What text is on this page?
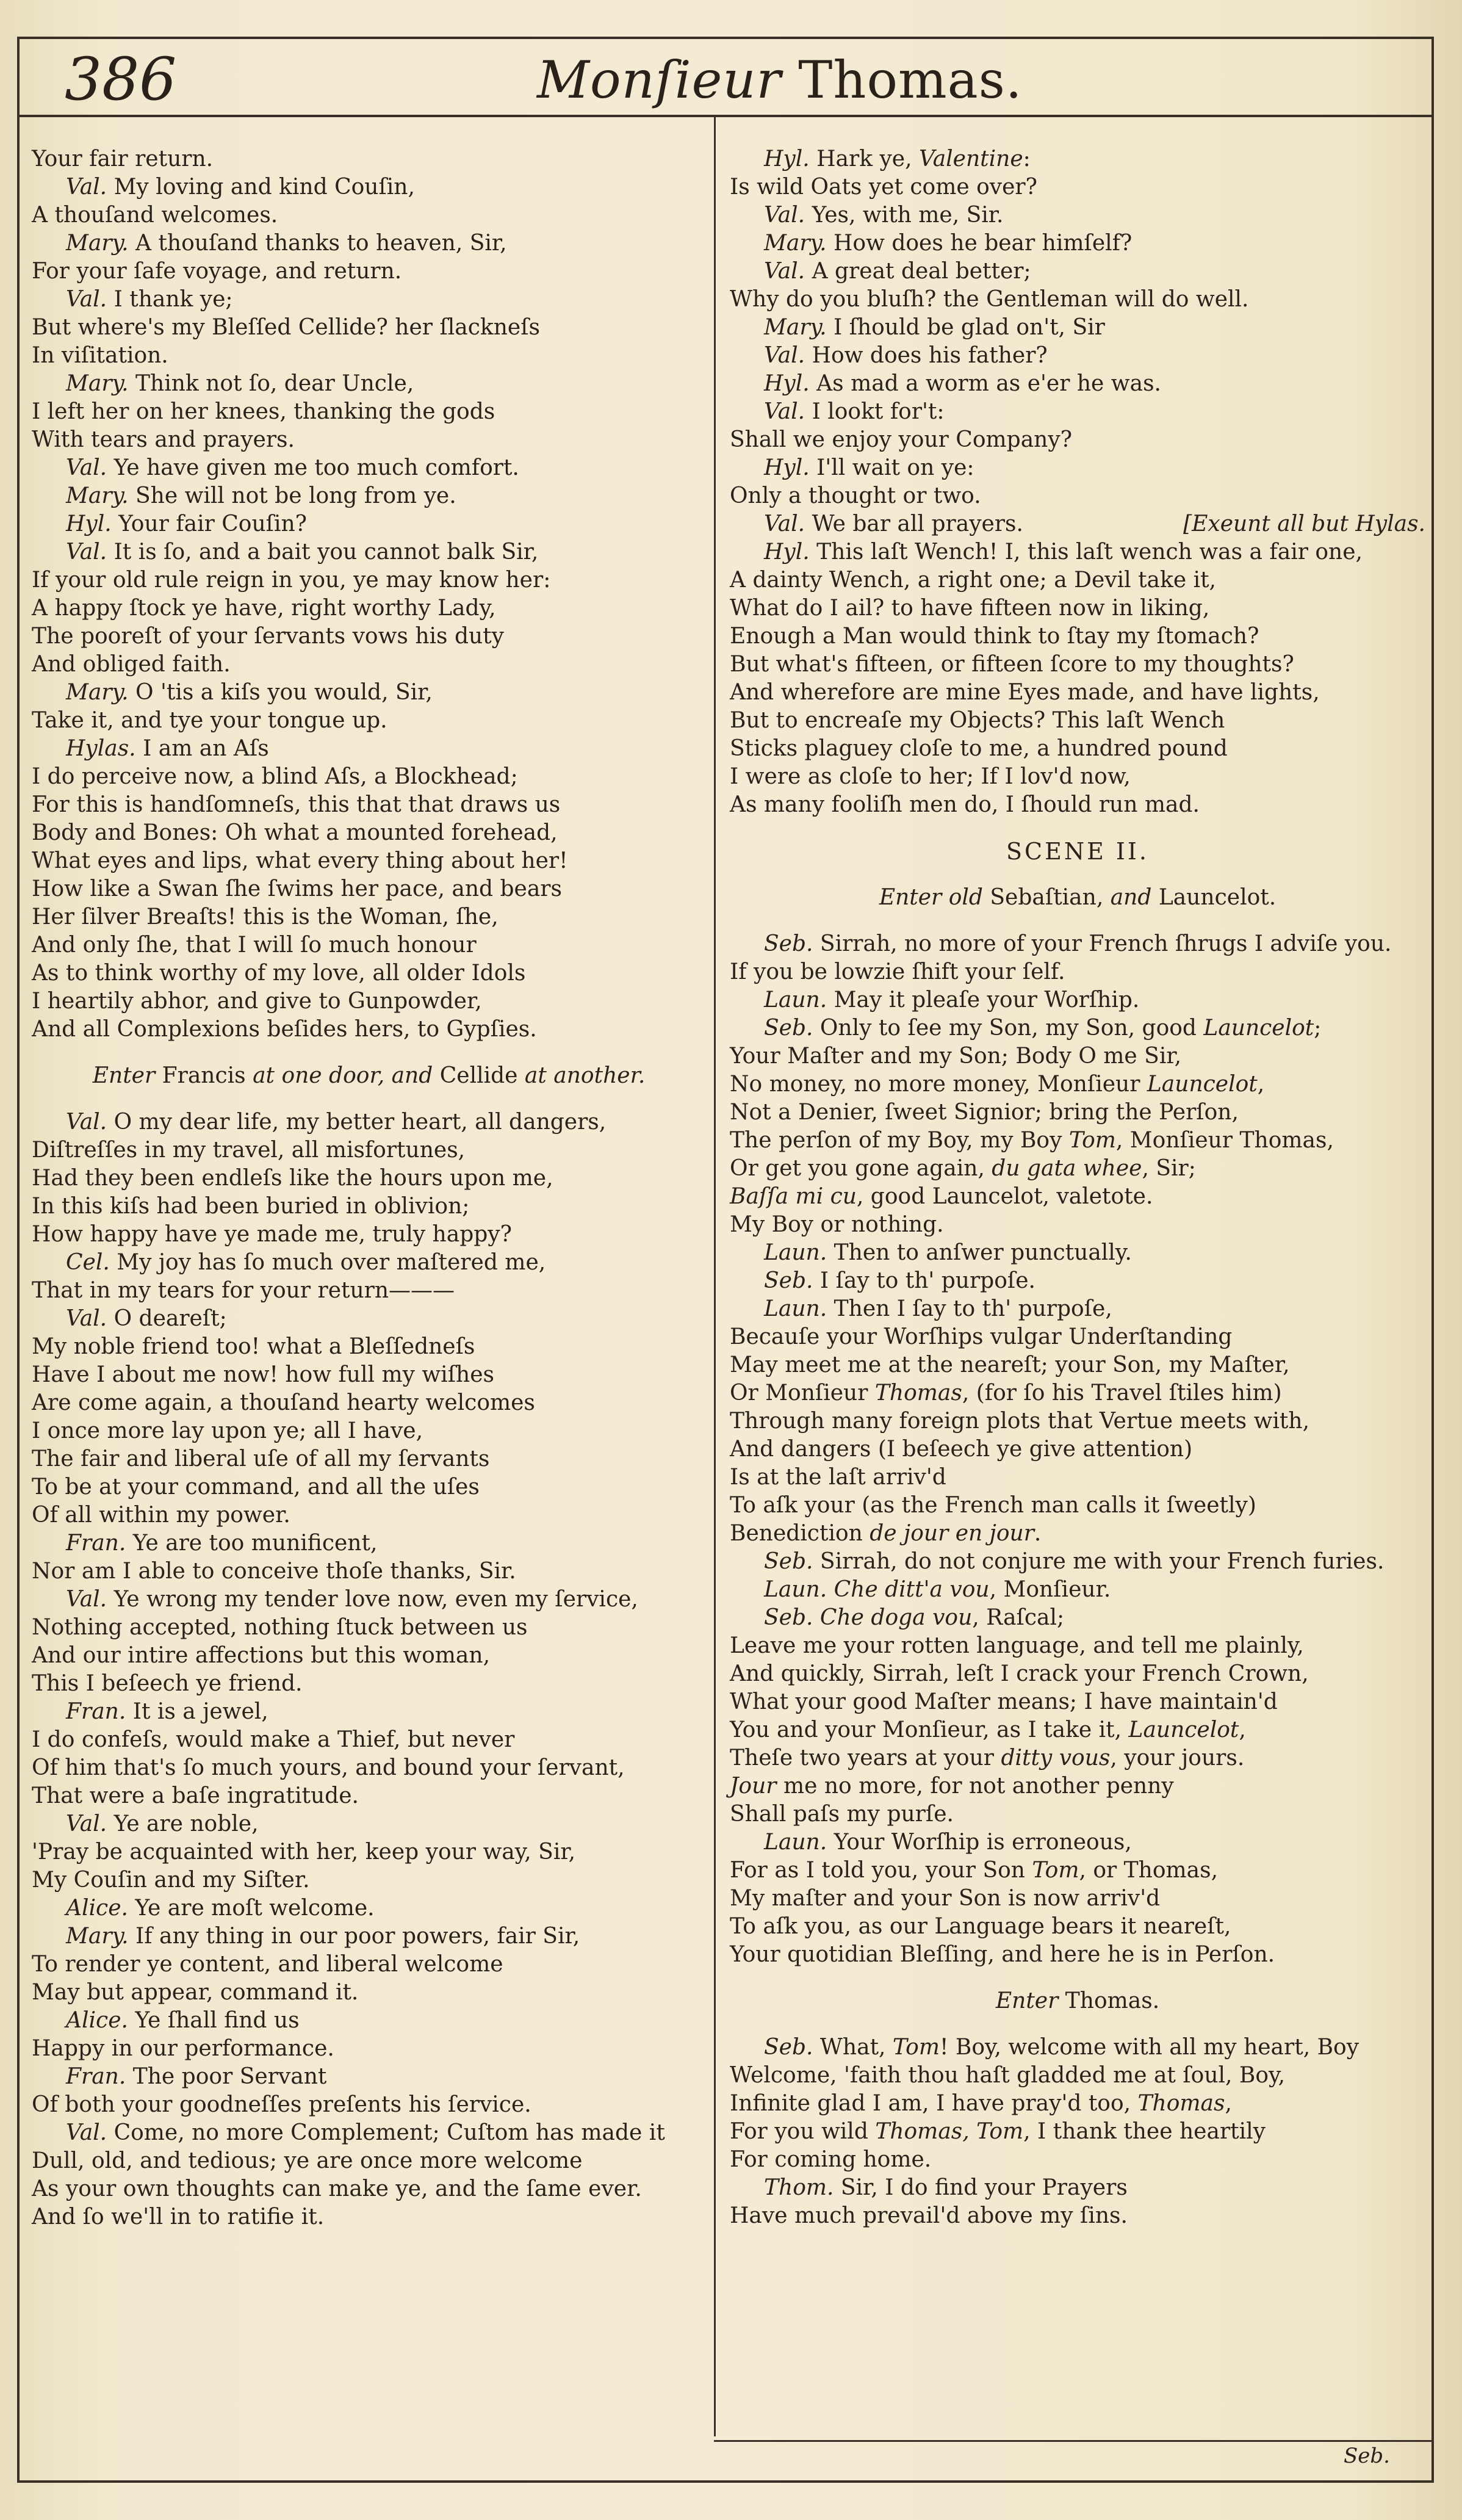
386	Monſieur Thomas.
Your fair return.
Val. My loving and kind Couſin,
A thouſand welcomes.
Mary. A thouſand thanks to heaven, Sir,
For your ſafe voyage, and return.
Val. I thank ye;
But where's my Bleſſed Cellide? her ſlackneſs
In viſitation.
Mary. Think not ſo, dear Uncle,
I left her on her knees, thanking the gods
With tears and prayers.
Val. Ye have given me too much comfort.
Mary. She will not be long from ye.
Hyl. Your fair Couſin?
Val. It is ſo, and a bait you cannot balk Sir,
If your old rule reign in you, ye may know her:
A happy ſtock ye have, right worthy Lady,
The pooreſt of your ſervants vows his duty
And obliged faith.
Mary. O 'tis a kiſs you would, Sir,
Take it, and tye your tongue up.
Hylas. I am an Aſs
I do perceive now, a blind Aſs, a Blockhead;
For this is handſomneſs, this that that draws us
Body and Bones: Oh what a mounted forehead,
What eyes and lips, what every thing about her!
How like a Swan ſhe ſwims her pace, and bears
Her ſilver Breaſts! this is the Woman, ſhe,
And only ſhe, that I will ſo much honour
As to think worthy of my love, all older Idols
I heartily abhor, and give to Gunpowder,
And all Complexions beſides hers, to Gypſies.
Enter Francis at one door, and Cellide at another.
Val. O my dear life, my better heart, all dangers,
Diſtreſſes in my travel, all misfortunes,
Had they been endleſs like the hours upon me,
In this kiſs had been buried in oblivion;
How happy have ye made me, truly happy?
Cel. My joy has ſo much over maſtered me,
That in my tears for your return———
Val. O deareſt;
My noble friend too! what a Bleſſedneſs
Have I about me now! how full my wiſhes
Are come again, a thouſand hearty welcomes
I once more lay upon ye; all I have,
The fair and liberal uſe of all my ſervants
To be at your command, and all the uſes
Of all within my power.
Fran. Ye are too munificent,
Nor am I able to conceive thoſe thanks, Sir.
Val. Ye wrong my tender love now, even my ſervice,
Nothing accepted, nothing ſtuck between us
And our intire affections but this woman,
This I beſeech ye friend.
Fran. It is a jewel,
I do confeſs, would make a Thief, but never
Of him that's ſo much yours, and bound your ſervant,
That were a baſe ingratitude.
Val. Ye are noble,
'Pray be acquainted with her, keep your way, Sir,
My Couſin and my Siſter.
Alice. Ye are moſt welcome.
Mary. If any thing in our poor powers, fair Sir,
To render ye content, and liberal welcome
May but appear, command it.
Alice. Ye ſhall find us
Happy in our performance.
Fran. The poor Servant
Of both your goodneſſes preſents his ſervice.
Val. Come, no more Complement; Cuſtom has made it
Dull, old, and tedious; ye are once more welcome
As your own thoughts can make ye, and the ſame ever.
And ſo we'll in to ratifie it.
Hyl. Hark ye, Valentine:
Is wild Oats yet come over?
Val. Yes, with me, Sir.
Mary. How does he bear himſelf?
Val. A great deal better;
Why do you bluſh? the Gentleman will do well.
Mary. I ſhould be glad on't, Sir
Val. How does his father?
Hyl. As mad a worm as e'er he was.
Val. I lookt for't:
Shall we enjoy your Company?
Hyl. I'll wait on ye:
Only a thought or two.
Val. We bar all prayers.	[Exeunt all but Hylas.
Hyl. This laſt Wench! I, this laſt wench was a fair one,
A dainty Wench, a right one; a Devil take it,
What do I ail? to have fifteen now in liking,
Enough a Man would think to ſtay my ſtomach?
But what's fifteen, or fifteen ſcore to my thoughts?
And wherefore are mine Eyes made, and have lights,
But to encreaſe my Objects? This laſt Wench
Sticks plaguey cloſe to me, a hundred pound
I were as cloſe to her; If I lov'd now,
As many fooliſh men do, I ſhould run mad.
SCENE II.
Enter old Sebaſtian, and Launcelot.
Seb. Sirrah, no more of your French ſhrugs I adviſe you.
If you be lowzie ſhift your ſelf.
Laun. May it pleaſe your Worſhip.
Seb. Only to ſee my Son, my Son, good Launcelot;
Your Maſter and my Son; Body O me Sir,
No money, no more money, Monſieur Launcelot,
Not a Denier, ſweet Signior; bring the Perſon,
The perſon of my Boy, my Boy Tom, Monſieur Thomas,
Or get you gone again, du gata whee, Sir;
Baſſa mi cu, good Launcelot, valetote.
My Boy or nothing.
Laun. Then to anſwer punctually.
Seb. I ſay to th' purpoſe.
Laun. Then I ſay to th' purpoſe,
Becauſe your Worſhips vulgar Underſtanding
May meet me at the neareſt; your Son, my Maſter,
Or Monſieur Thomas, (for ſo his Travel ſtiles him)
Through many foreign plots that Vertue meets with,
And dangers (I beſeech ye give attention)
Is at the laſt arriv'd
To aſk your (as the French man calls it ſweetly)
Benediction de jour en jour.
Seb. Sirrah, do not conjure me with your French furies.
Laun. Che ditt'a vou, Monſieur.
Seb. Che doga vou, Raſcal;
Leave me your rotten language, and tell me plainly,
And quickly, Sirrah, leſt I crack your French Crown,
What your good Maſter means; I have maintain'd
You and your Monſieur, as I take it, Launcelot,
Theſe two years at your ditty vous, your jours.
Jour me no more, for not another penny
Shall paſs my purſe.
Laun. Your Worſhip is erroneous,
For as I told you, your Son Tom, or Thomas,
My maſter and your Son is now arriv'd
To aſk you, as our Language bears it neareſt,
Your quotidian Bleſſing, and here he is in Perſon.
Enter Thomas.
Seb. What, Tom! Boy, welcome with all my heart, Boy
Welcome, 'faith thou haſt gladded me at ſoul, Boy,
Infinite glad I am, I have pray'd too, Thomas,
For you wild Thomas, Tom, I thank thee heartily
For coming home.
Thom. Sir, I do find your Prayers
Have much prevail'd above my ſins.
Seb.
